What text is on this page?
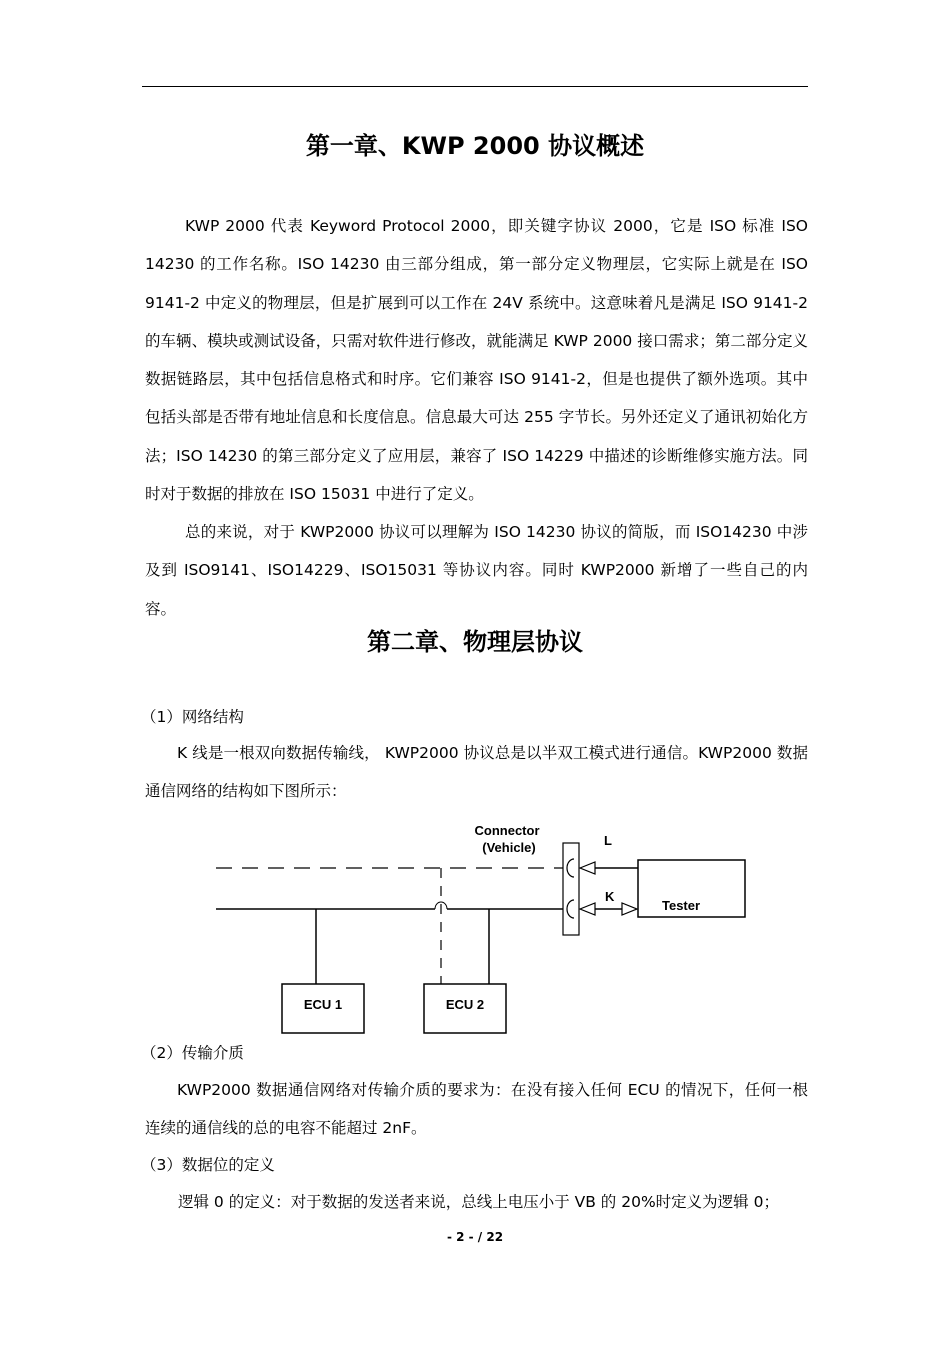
第一章、KWP 2000 协议概述
KWP 2000 代表 Keyword Protocol 2000，即关键字协议 2000，它是 ISO 标准 ISO 14230 的工作名称。ISO 14230 由三部分组成，第一部分定义物理层，它实际上就是在 ISO 9141-2 中定义的物理层，但是扩展到可以工作在 24V 系统中。这意味着凡是满足 ISO 9141-2 的车辆、模块或测试设备，只需对软件进行修改，就能满足 KWP 2000 接口需求；第二部分定义数据链路层，其中包括信息格式和时序。它们兼容 ISO 9141-2，但是也提供了额外选项。其中包括头部是否带有地址信息和长度信息。信息最大可达 255 字节长。另外还定义了通讯初始化方法；ISO 14230 的第三部分定义了应用层，兼容了 ISO 14229 中描述的诊断维修实施方法。同时对于数据的排放在 ISO 15031 中进行了定义。
总的来说，对于 KWP2000 协议可以理解为 ISO 14230 协议的简版，而 ISO14230 中涉及到 ISO9141、ISO14229、ISO15031 等协议内容。同时 KWP2000 新增了一些自己的内容。
第二章、物理层协议
（1）网络结构
K 线是一根双向数据传输线， KWP2000 协议总是以半双工模式进行通信。KWP2000 数据通信网络的结构如下图所示：
Connector
(Vehicle)	L
K
Tester
ECU 1	ECU 2
（2）传输介质
KWP2000 数据通信网络对传输介质的要求为：在没有接入任何 ECU 的情况下，任何一根连续的通信线的总的电容不能超过 2nF。
（3）数据位的定义
逻辑 0 的定义：对于数据的发送者来说，总线上电压小于 VB 的 20%时定义为逻辑 0；
- 2 - / 22
